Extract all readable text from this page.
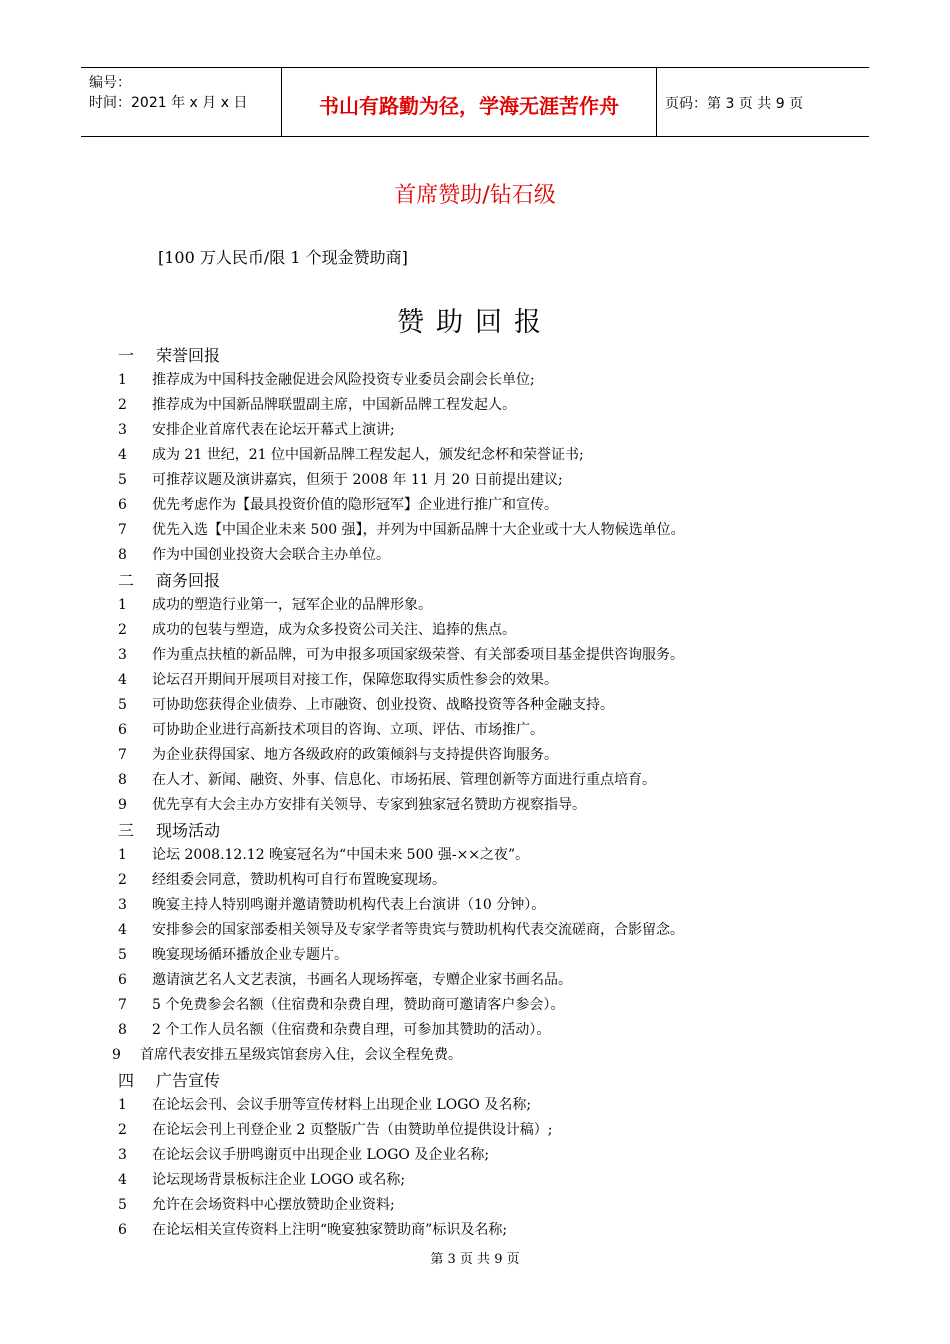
编号：
时间：2021 年 x 月 x 日	书山有路勤为径，学海无涯苦作舟	页码：第 3 页 共 9 页
首席赞助/钻石级
[100 万人民币/限 1 个现金赞助商]
赞助回报
一 荣誉回报
1 推荐成为中国科技金融促进会风险投资专业委员会副会长单位;
2 推荐成为中国新品牌联盟副主席，中国新品牌工程发起人。
3 安排企业首席代表在论坛开幕式上演讲;
4 成为 21 世纪，21 位中国新品牌工程发起人，颁发纪念杯和荣誉证书;
5 可推荐议题及演讲嘉宾，但须于 2008 年 11 月 20 日前提出建议;
6 优先考虑作为【最具投资价值的隐形冠军】企业进行推广和宣传。
7 优先入选【中国企业未来 500 强】，并列为中国新品牌十大企业或十大人物候选单位。
8 作为中国创业投资大会联合主办单位。
二 商务回报
1 成功的塑造行业第一，冠军企业的品牌形象。
2 成功的包装与塑造，成为众多投资公司关注、追捧的焦点。
3 作为重点扶植的新品牌，可为申报多项国家级荣誉、有关部委项目基金提供咨询服务。
4 论坛召开期间开展项目对接工作，保障您取得实质性参会的效果。
5 可协助您获得企业债券、上市融资、创业投资、战略投资等各种金融支持。
6 可协助企业进行高新技术项目的咨询、立项、评估、市场推广。
7 为企业获得国家、地方各级政府的政策倾斜与支持提供咨询服务。
8 在人才、新闻、融资、外事、信息化、市场拓展、管理创新等方面进行重点培育。
9 优先享有大会主办方安排有关领导、专家到独家冠名赞助方视察指导。
三 现场活动
1 论坛 2008.12.12 晚宴冠名为“中国未来 500 强-××之夜”。
2 经组委会同意，赞助机构可自行布置晚宴现场。
3 晚宴主持人特别鸣谢并邀请赞助机构代表上台演讲（10 分钟）。
4 安排参会的国家部委相关领导及专家学者等贵宾与赞助机构代表交流磋商，合影留念。
5 晚宴现场循环播放企业专题片。
6 邀请演艺名人文艺表演，书画名人现场挥毫，专赠企业家书画名品。
7 5 个免费参会名额（住宿费和杂费自理，赞助商可邀请客户参会）。
8 2 个工作人员名额（住宿费和杂费自理，可参加其赞助的活动）。
9 首席代表安排五星级宾馆套房入住，会议全程免费。
四 广告宣传
1 在论坛会刊、会议手册等宣传材料上出现企业 LOGO 及名称;
2 在论坛会刊上刊登企业 2 页整版广告（由赞助单位提供设计稿）;
3 在论坛会议手册鸣谢页中出现企业 LOGO 及企业名称;
4 论坛现场背景板标注企业 LOGO 或名称;
5 允许在会场资料中心摆放赞助企业资料;
6 在论坛相关宣传资料上注明“晚宴独家赞助商”标识及名称;
第 3 页 共 9 页
